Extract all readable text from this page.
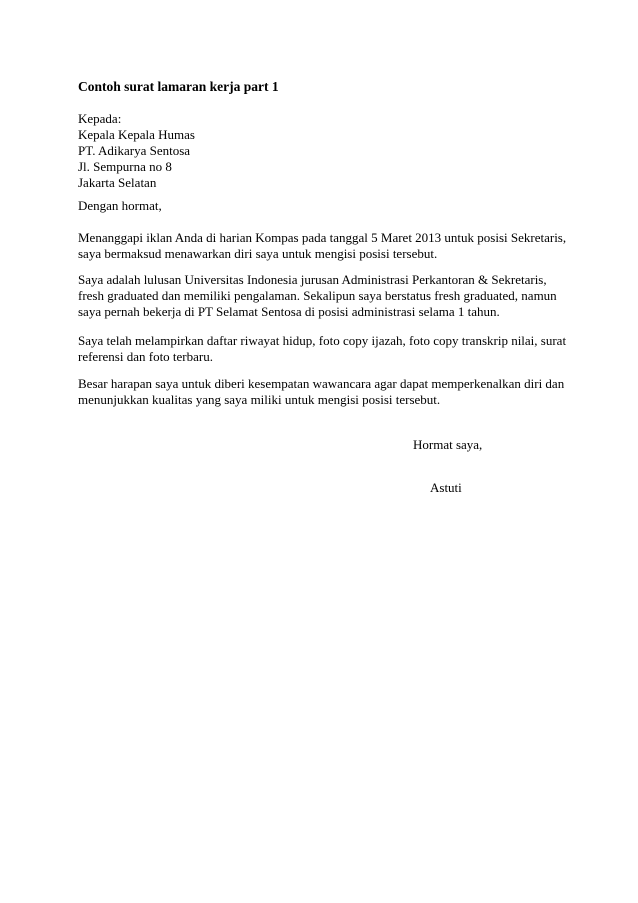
Contoh surat lamaran kerja part 1
Kepada:
Kepala Kepala Humas
PT. Adikarya Sentosa
Jl. Sempurna no 8
Jakarta Selatan
Dengan hormat,
Menanggapi iklan Anda di harian Kompas pada tanggal 5 Maret 2013 untuk posisi Sekretaris,
saya bermaksud menawarkan diri saya untuk mengisi posisi tersebut.
Saya adalah lulusan Universitas Indonesia jurusan Administrasi Perkantoran & Sekretaris,
fresh graduated dan memiliki pengalaman. Sekalipun saya berstatus fresh graduated, namun
saya pernah bekerja di PT Selamat Sentosa di posisi administrasi selama 1 tahun.
Saya telah melampirkan daftar riwayat hidup, foto copy ijazah, foto copy transkrip nilai, surat
referensi dan foto terbaru.
Besar harapan saya untuk diberi kesempatan wawancara agar dapat memperkenalkan diri dan
menunjukkan kualitas yang saya miliki untuk mengisi posisi tersebut.
Hormat saya,
Astuti
